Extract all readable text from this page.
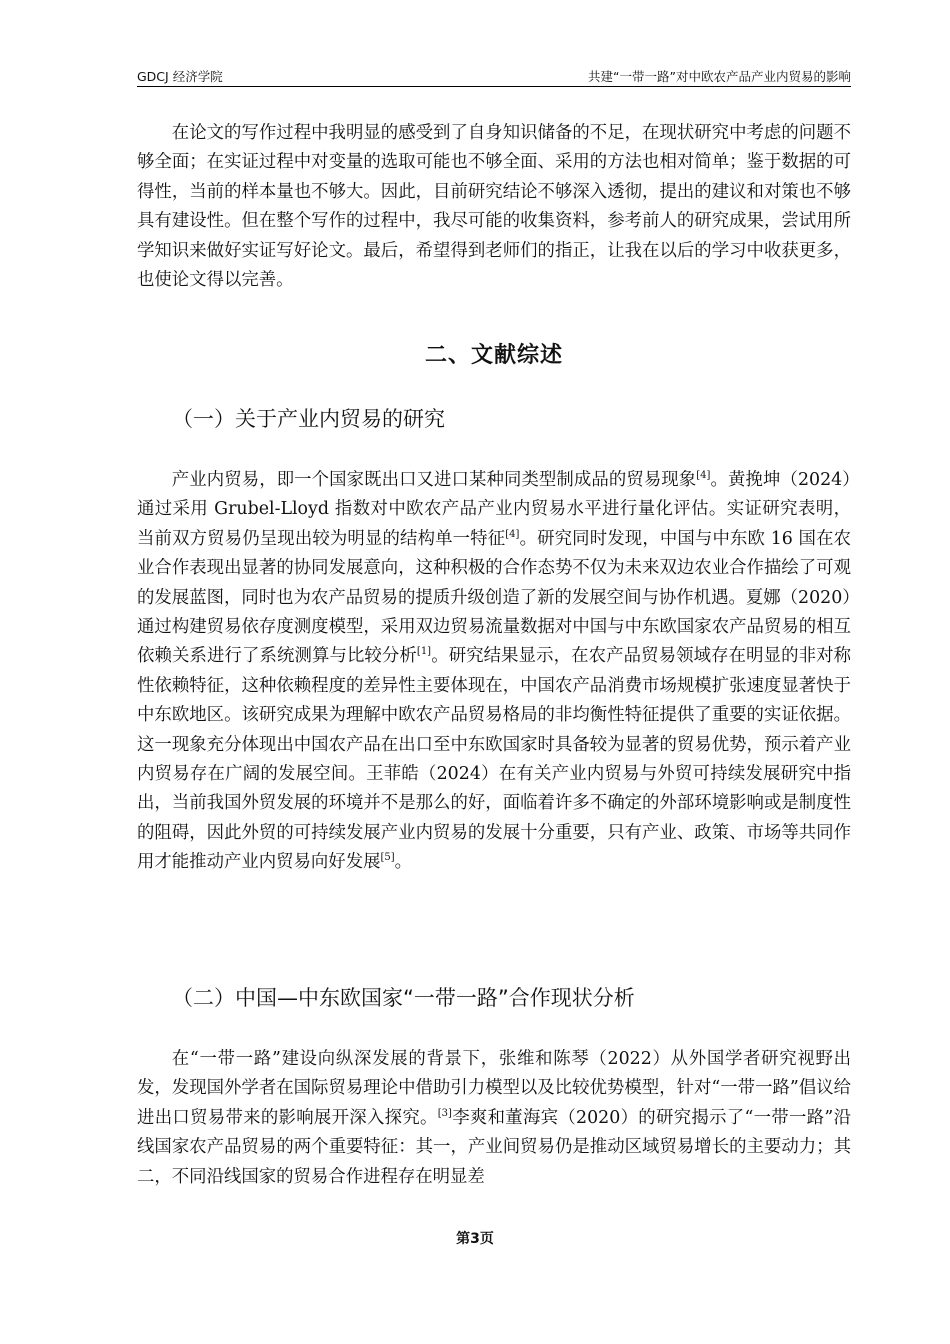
GDCJ 经济学院	共建“一带一路”对中欧农产品产业内贸易的影响

在论文的写作过程中我明显的感受到了自身知识储备的不足，在现状研究中考虑的问题不够全面；在实证过程中对变量的选取可能也不够全面、采用的方法也相对简单；鉴于数据的可得性，当前的样本量也不够大。因此，目前研究结论不够深入透彻，提出的建议和对策也不够具有建设性。但在整个写作的过程中，我尽可能的收集资料，参考前人的研究成果，尝试用所学知识来做好实证写好论文。最后，希望得到老师们的指正，让我在以后的学习中收获更多，也使论文得以完善。

二、文献综述
（一）关于产业内贸易的研究

产业内贸易，即一个国家既出口又进口某种同类型制成品的贸易现象[4]。黄挽坤（2024）通过采用 Grubel-Lloyd 指数对中欧农产品产业内贸易水平进行量化评估。实证研究表明，当前双方贸易仍呈现出较为明显的结构单一特征[4]。研究同时发现，中国与中东欧 16 国在农业合作表现出显著的协同发展意向，这种积极的合作态势不仅为未来双边农业合作描绘了可观的发展蓝图，同时也为农产品贸易的提质升级创造了新的发展空间与协作机遇。夏娜（2020）通过构建贸易依存度测度模型，采用双边贸易流量数据对中国与中东欧国家农产品贸易的相互依赖关系进行了系统测算与比较分析[1]。研究结果显示，在农产品贸易领域存在明显的非对称性依赖特征，这种依赖程度的差异性主要体现在，中国农产品消费市场规模扩张速度显著快于中东欧地区。该研究成果为理解中欧农产品贸易格局的非均衡性特征提供了重要的实证依据。这一现象充分体现出中国农产品在出口至中东欧国家时具备较为显著的贸易优势，预示着产业内贸易存在广阔的发展空间。王菲皓（2024）在有关产业内贸易与外贸可持续发展研究中指出，当前我国外贸发展的环境并不是那么的好，面临着许多不确定的外部环境影响或是制度性的阻碍，因此外贸的可持续发展产业内贸易的发展十分重要，只有产业、政策、市场等共同作用才能推动产业内贸易向好发展[5]。

（二）中国—中东欧国家“一带一路”合作现状分析

在“一带一路”建设向纵深发展的背景下，张维和陈琴（2022）从外国学者研究视野出发，发现国外学者在国际贸易理论中借助引力模型以及比较优势模型，针对“一带一路”倡议给进出口贸易带来的影响展开深入探究。[3]李爽和董海宾（2020）的研究揭示了“一带一路”沿线国家农产品贸易的两个重要特征：其一，产业间贸易仍是推动区域贸易增长的主要动力；其二，不同沿线国家的贸易合作进程存在明显差

第3页
